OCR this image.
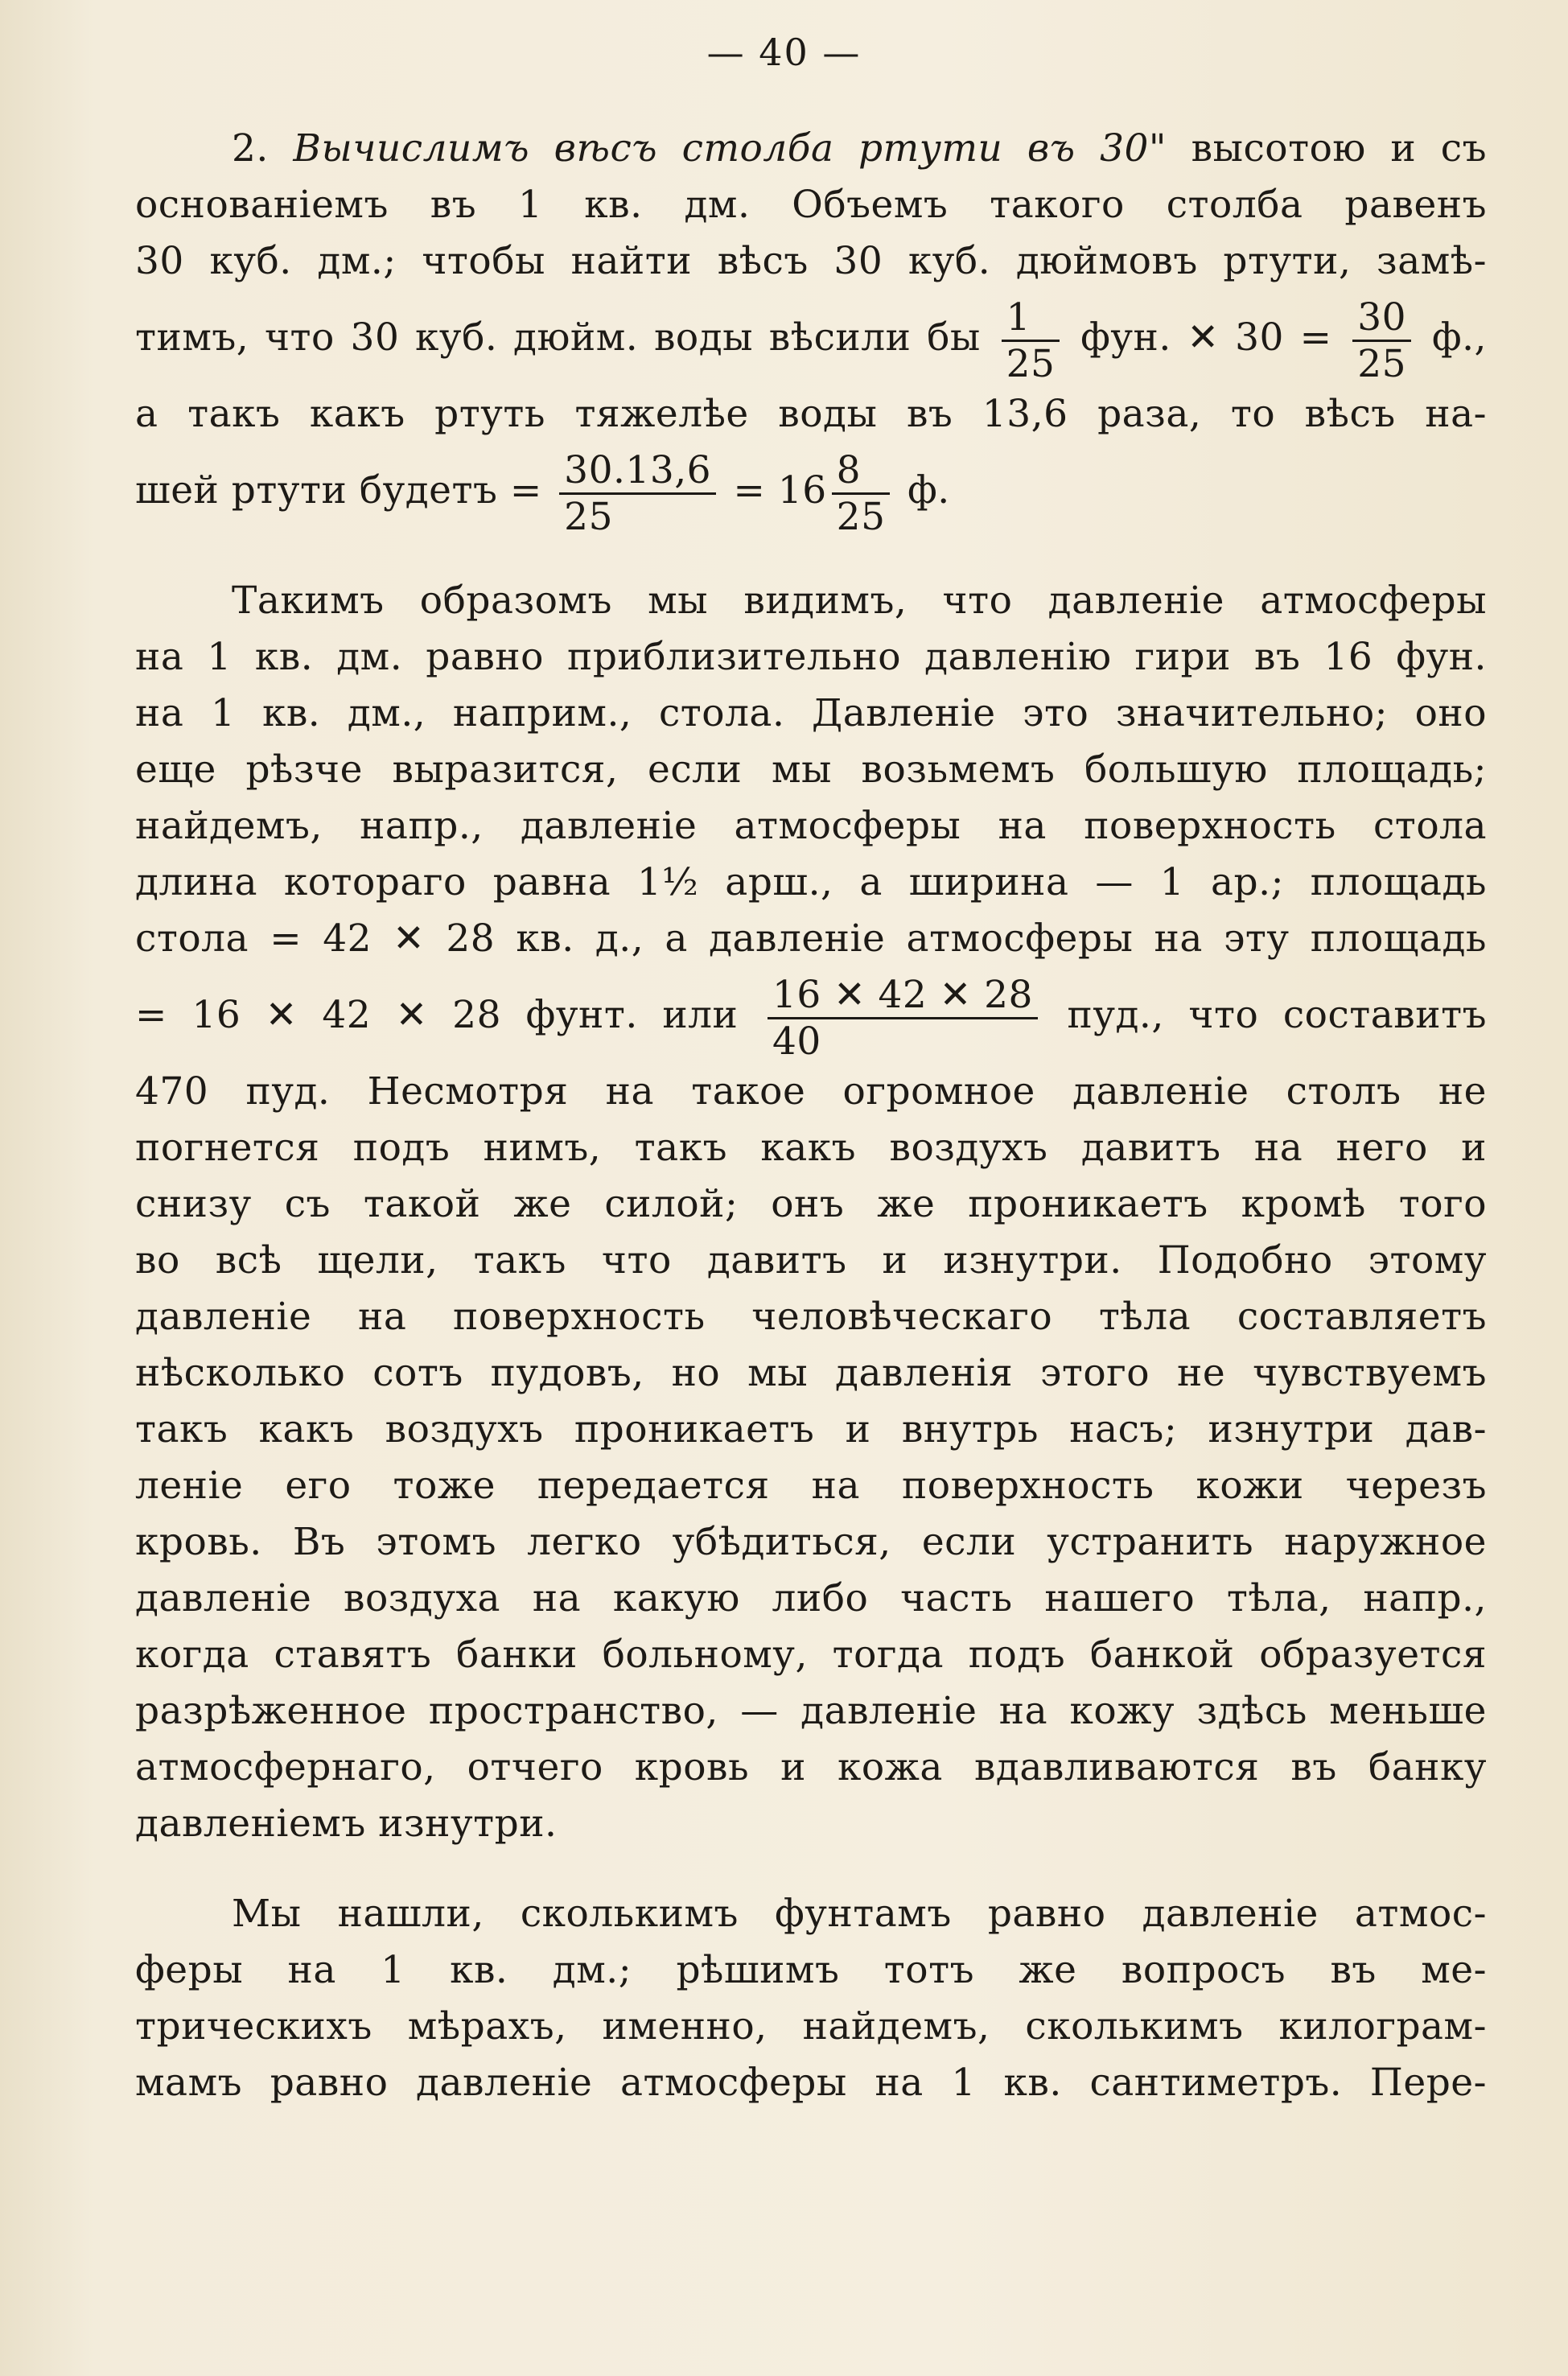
— 40 —
2. Вычислимъ вѣсъ столба ртути въ 30" высотою и съ
основаніемъ въ 1 кв. дм. Объемъ такого столба равенъ
30 куб. дм.; чтобы найти вѣсъ 30 куб. дюймовъ ртути, замѣ-
тимъ, что 30 куб. дюйм. воды вѣсили бы $\frac{1}{25}$ фун. ✕ $30 = \frac{30}{25} ф$.,
а такъ какъ ртуть тяжелѣе воды въ 13,6 раза, то вѣсъ на-
шей ртути будетъ = $\frac{30.13,6}{25} = 16 \frac{8}{25} ф$.
Такимъ образомъ мы видимъ, что давленіе атмосферы
на 1 кв. дм. равно приблизительно давленію гири въ 16 фун.
на 1 кв. дм., наприм., стола. Давленіе это значительно; оно
еще рѣзче выразится, если мы возьмемъ большую площадь;
найдемъ, напр., давленіе атмосферы на поверхность стола
длина котораго равна 1½ арш., а ширина — 1 ар.; площадь
стола = 42 ✕ 28 кв. д., а давленіе атмосферы на эту площадь
= 16 ✕ 42 ✕ 28 фунт. или $\frac{16 ✕ 42 ✕ 28}{40}$ пуд., что составитъ
470 пуд. Несмотря на такое огромное давленіе столъ не
погнется подъ нимъ, такъ какъ воздухъ давитъ на него и
снизу съ такой же силой; онъ же проникаетъ кромѣ того
во всѣ щели, такъ что давитъ и изнутри. Подобно этому
давленіе на поверхность человѣческаго тѣла составляетъ
нѣсколько сотъ пудовъ, но мы давленія этого не чувствуемъ
такъ какъ воздухъ проникаетъ и внутрь насъ; изнутри дав-
леніе его тоже передается на поверхность кожи черезъ
кровь. Въ этомъ легко убѣдиться, если устранить наружное
давленіе воздуха на какую либо часть нашего тѣла, напр.,
когда ставятъ банки больному, тогда подъ банкой образуется
разрѣженное пространство, — давленіе на кожу здѣсь меньше
атмосфернаго, отчего кровь и кожа вдавливаются въ банку
давленіемъ изнутри.
Мы нашли, сколькимъ фунтамъ равно давленіе атмос-
феры на 1 кв. дм.; рѣшимъ тотъ же вопросъ въ ме-
трическихъ мѣрахъ, именно, найдемъ, сколькимъ килограм-
мамъ равно давленіе атмосферы на 1 кв. сантиметръ. Пере-
